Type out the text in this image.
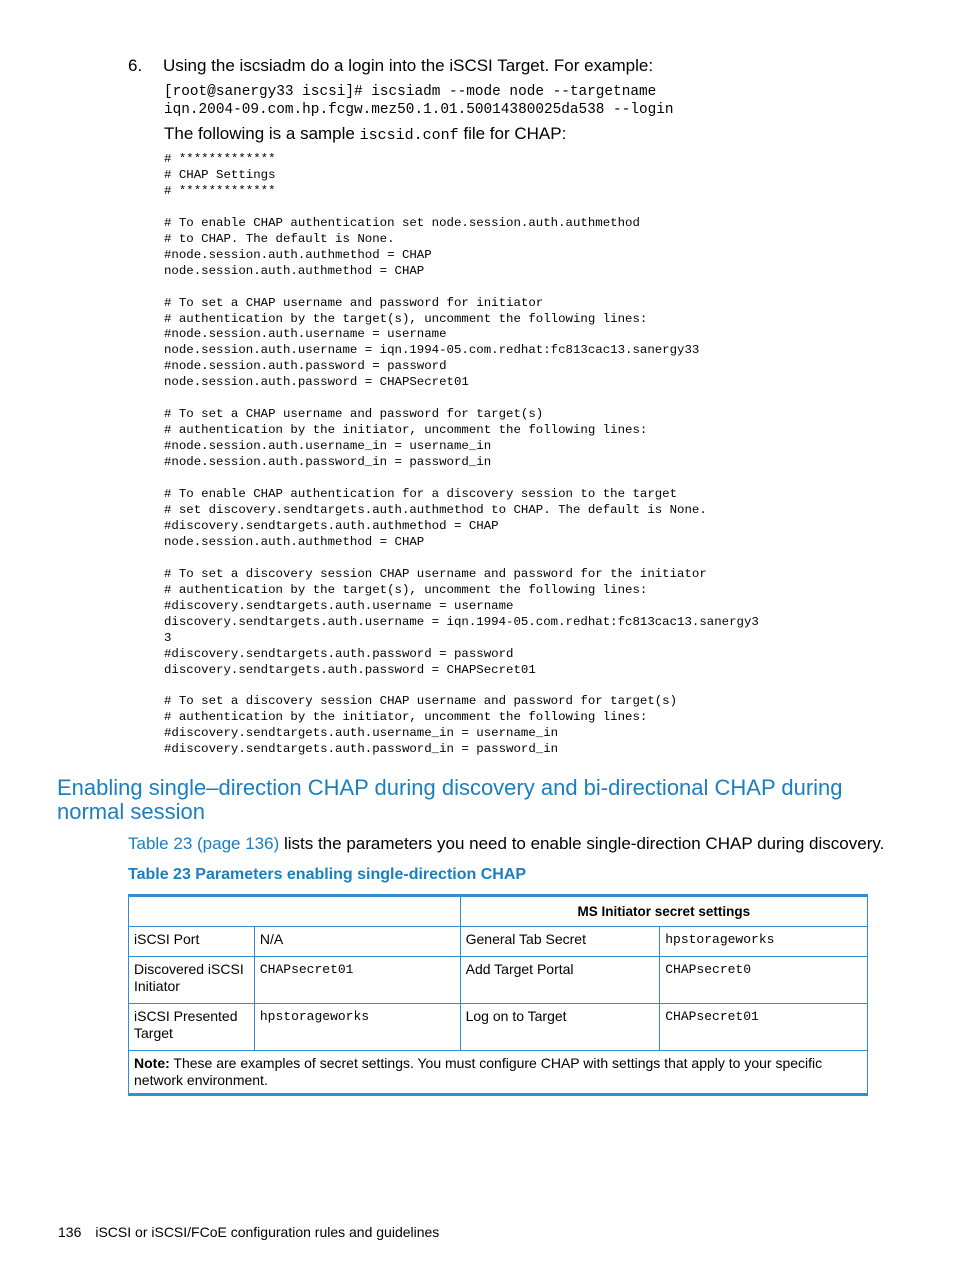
6. Using the iscsiadm do a login into the iSCSI Target. For example:
[root@sanergy33 iscsi]# iscsiadm --mode node --targetname
iqn.2004-09.com.hp.fcgw.mez50.1.01.50014380025da538 --login
The following is a sample iscsid.conf file for CHAP:
# *************
# CHAP Settings
# *************

# To enable CHAP authentication set node.session.auth.authmethod
# to CHAP. The default is None.
#node.session.auth.authmethod = CHAP
node.session.auth.authmethod = CHAP

# To set a CHAP username and password for initiator
# authentication by the target(s), uncomment the following lines:
#node.session.auth.username = username
node.session.auth.username = iqn.1994-05.com.redhat:fc813cac13.sanergy33
#node.session.auth.password = password
node.session.auth.password = CHAPSecret01

# To set a CHAP username and password for target(s)
# authentication by the initiator, uncomment the following lines:
#node.session.auth.username_in = username_in
#node.session.auth.password_in = password_in

# To enable CHAP authentication for a discovery session to the target
# set discovery.sendtargets.auth.authmethod to CHAP. The default is None.
#discovery.sendtargets.auth.authmethod = CHAP
node.session.auth.authmethod = CHAP

# To set a discovery session CHAP username and password for the initiator
# authentication by the target(s), uncomment the following lines:
#discovery.sendtargets.auth.username = username
discovery.sendtargets.auth.username = iqn.1994-05.com.redhat:fc813cac13.sanergy3
3
#discovery.sendtargets.auth.password = password
discovery.sendtargets.auth.password = CHAPSecret01

# To set a discovery session CHAP username and password for target(s)
# authentication by the initiator, uncomment the following lines:
#discovery.sendtargets.auth.username_in = username_in
#discovery.sendtargets.auth.password_in = password_in
Enabling single–direction CHAP during discovery and bi-directional CHAP during normal session
Table 23 (page 136) lists the parameters you need to enable single-direction CHAP during discovery.
Table 23 Parameters enabling single-direction CHAP
		MS Initiator secret settings	
iSCSI Port	N/A	General Tab Secret	hpstorageworks
Discovered iSCSI Initiator	CHAPsecret01	Add Target Portal	CHAPsecret0
iSCSI Presented Target	hpstorageworks	Log on to Target	CHAPsecret01
Note: These are examples of secret settings. You must configure CHAP with settings that apply to your specific network environment.			
136 iSCSI or iSCSI/FCoE configuration rules and guidelines
